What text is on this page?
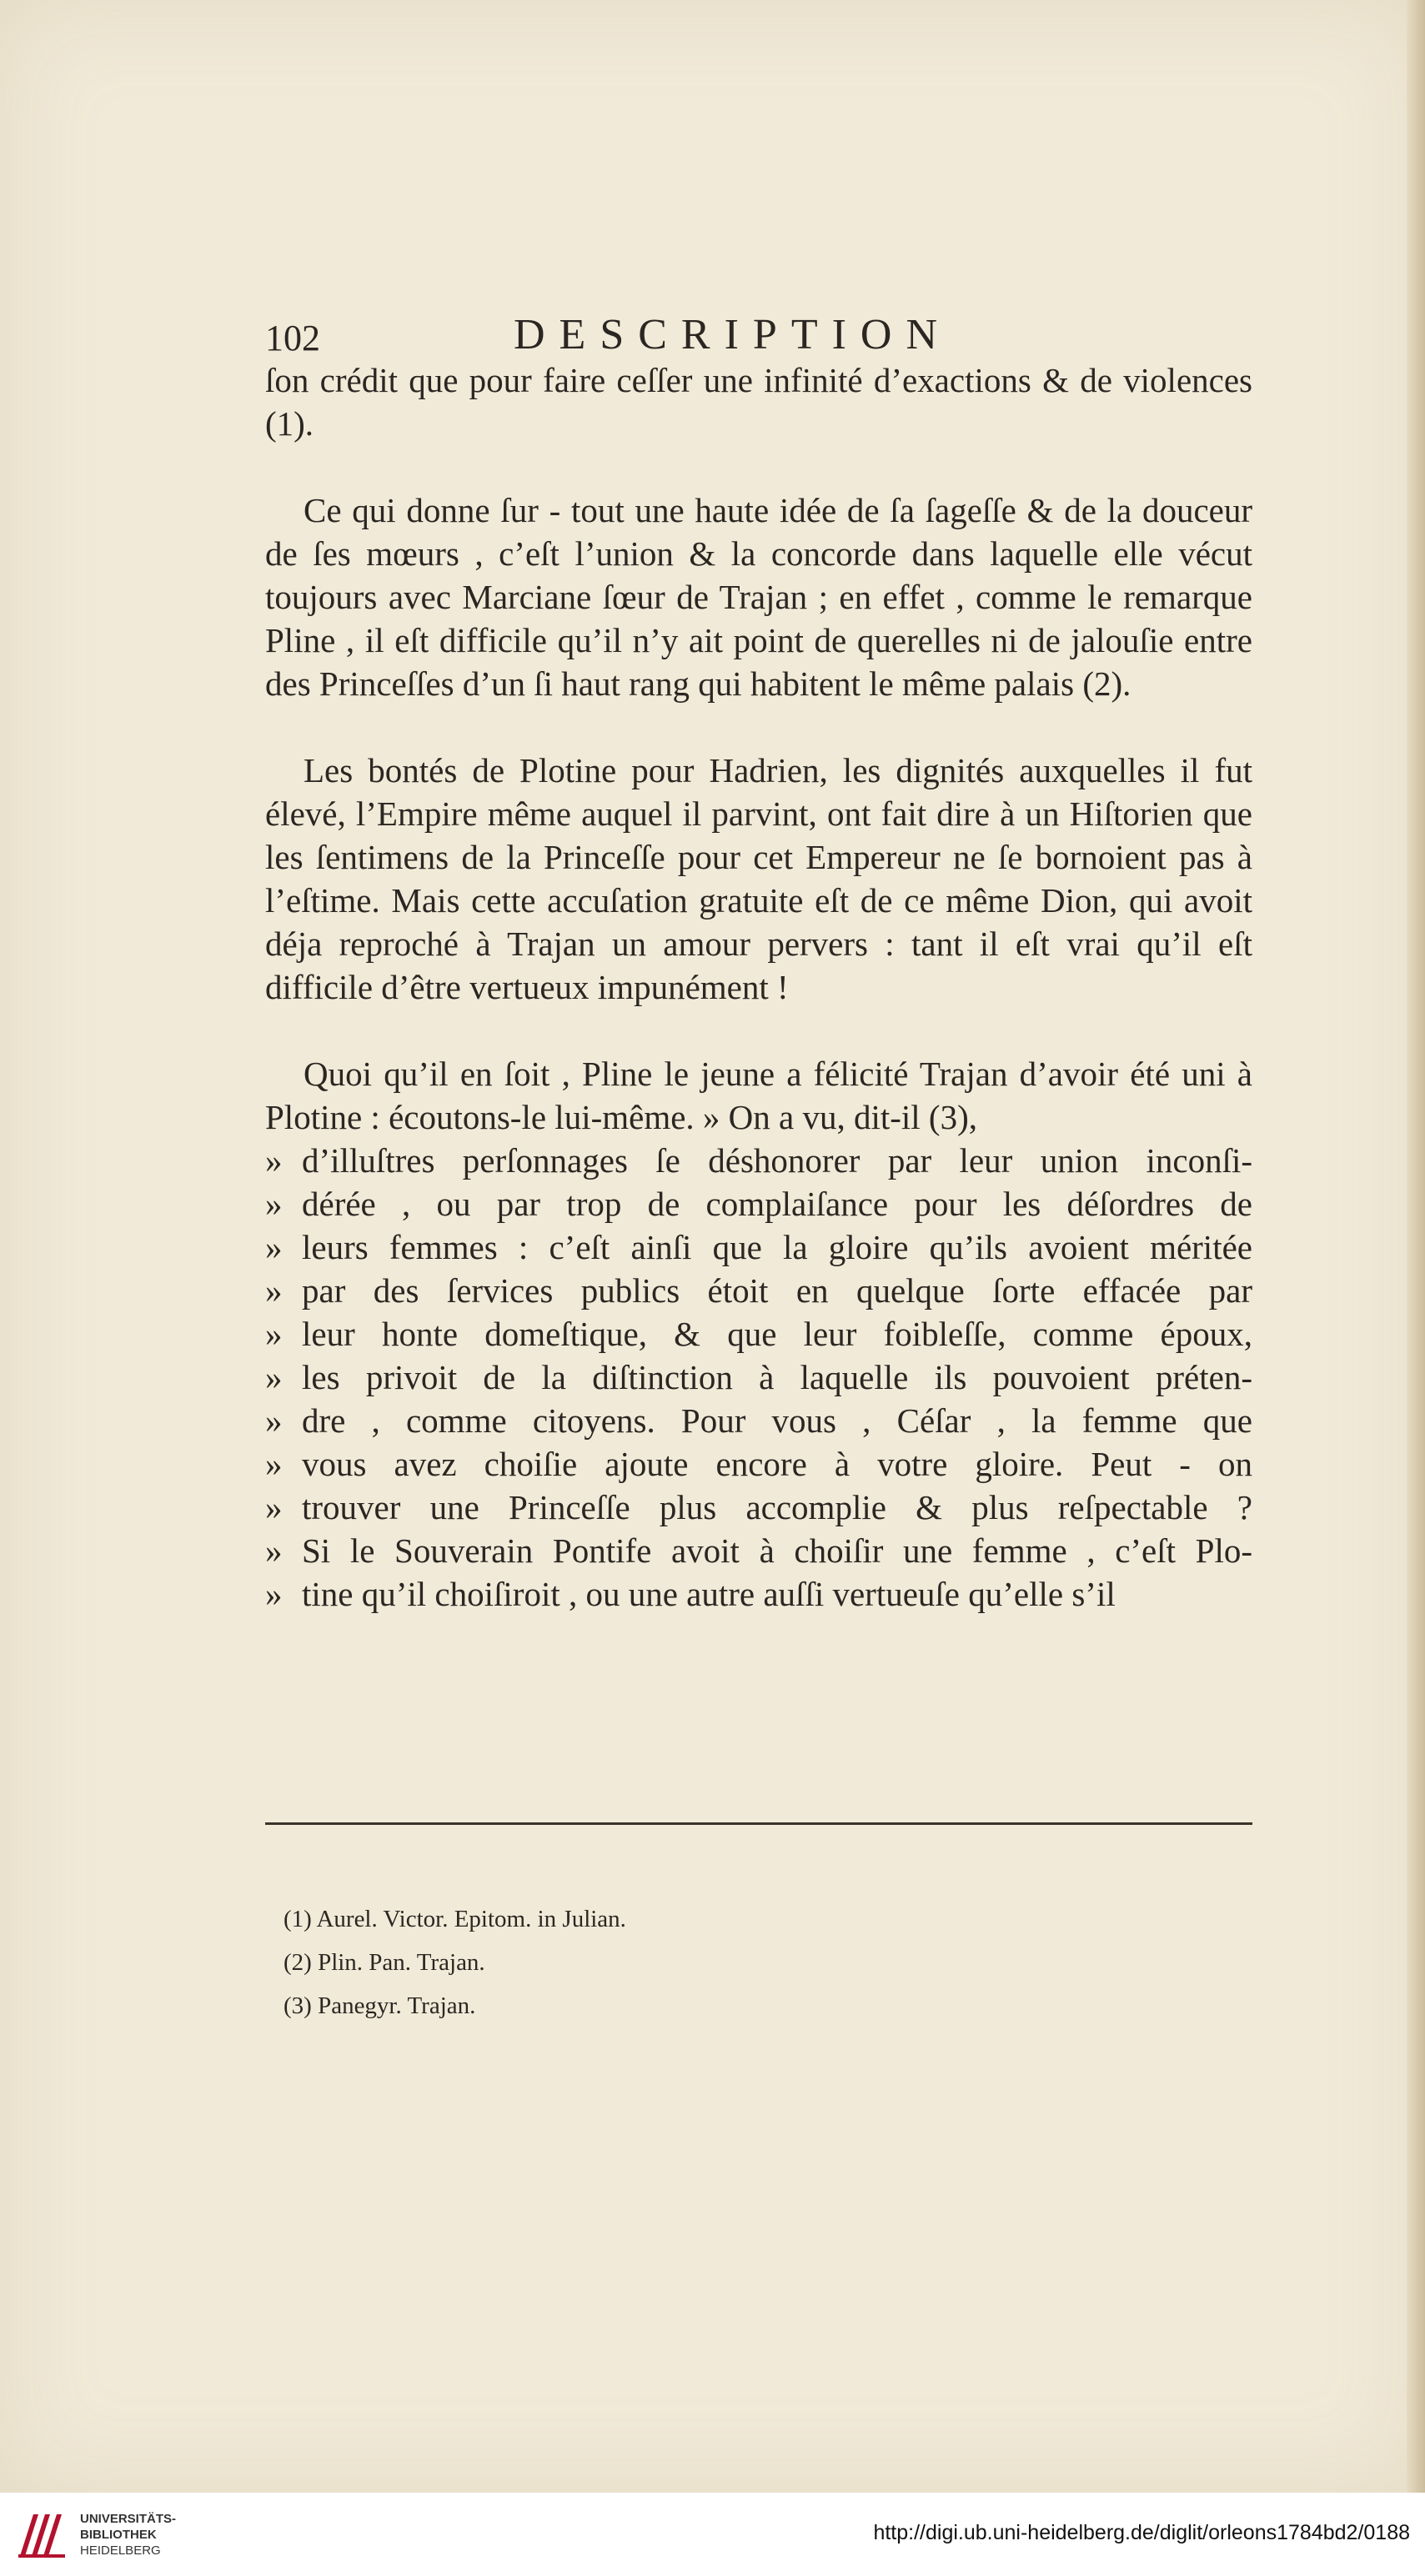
102	DESCRIPTION

ſon crédit que pour faire ceſſer une infinité d’exactions & de violences (1).

Ce qui donne ſur - tout une haute idée de ſa ſageſſe & de la douceur de ſes mœurs , c’eſt l’union & la concorde dans laquelle elle vécut toujours avec Marciane ſœur de Trajan ; en effet , comme le remarque Pline , il eſt difficile qu’il n’y ait point de querelles ni de jalouſie entre des Princeſſes d’un ſi haut rang qui habitent le même palais (2).

Les bontés de Plotine pour Hadrien, les dignités auxquelles il fut élevé, l’Empire même auquel il parvint, ont fait dire à un Hiſtorien que les ſentimens de la Princeſſe pour cet Empereur ne ſe bornoient pas à l’eſtime. Mais cette accuſation gratuite eſt de ce même Dion, qui avoit déja reproché à Trajan un amour pervers : tant il eſt vrai qu’il eſt difficile d’être vertueux impunément !

Quoi qu’il en ſoit , Pline le jeune a félicité Trajan d’avoir été uni à Plotine : écoutons-le lui-même. » On a vu, dit-il (3),

» d’illuſtres perſonnages ſe déshonorer par leur union inconſi-
» dérée , ou par trop de complaiſance pour les déſordres de
» leurs femmes : c’eſt ainſi que la gloire qu’ils avoient méritée
» par des ſervices publics étoit en quelque ſorte effacée par
» leur honte domeſtique, & que leur foibleſſe, comme époux,
» les privoit de la diſtinction à laquelle ils pouvoient préten-
» dre , comme citoyens. Pour vous , Céſar , la femme que
» vous avez choiſie ajoute encore à votre gloire. Peut - on
» trouver une Princeſſe plus accomplie & plus reſpectable ?
» Si le Souverain Pontife avoit à choiſir une femme , c’eſt Plo-
» tine qu’il choiſiroit , ou une autre auſſi vertueuſe qu’elle s’il
(1) Aurel. Victor. Epitom. in Julian.
(2) Plin. Pan. Trajan.
(3) Panegyr. Trajan.
UNIVERSITÄTS-
BIBLIOTHEK
HEIDELBERG
http://digi.ub.uni-heidelberg.de/diglit/orleons1784bd2/0188
